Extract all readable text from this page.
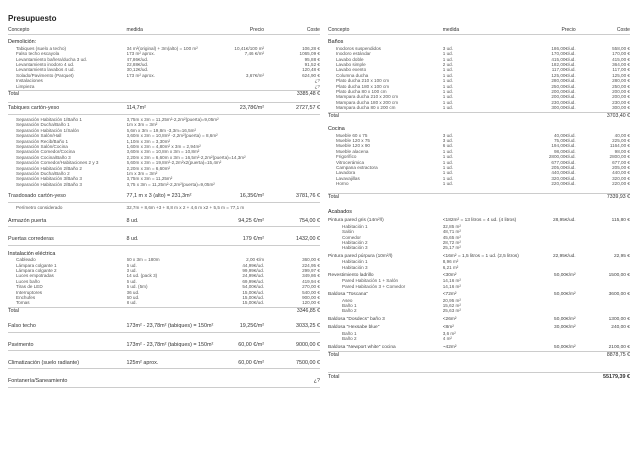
Presupuesto
Concepto	medida	Precio	Coste
Demolición:
Tabiques (suelo a techo)	34 m²(original) + 3m(alto) = 100 m²	10,41€/100 m²	106,28 €
Falso techo escayola	173 m² aprox.	7,46 €/m²	1065,09 €
Levantamiento bañera/ducha 3 ud.	47,86€/ud.	95,88 €
Levantamiento inodoro 4 ud.	22,88€/ud.	91,52 €
Levantamiento lavabos 4 ud.	30,12€/ud.	120,48 €
Solado/Pavimento (Parquet)	173 m² aprox.	3,67€/m²	624,90 €
Instalaciones	¿?
Limpieza	¿?
Total	3385,48 €
Tabiques cartón-yeso	114,7m²	23,78€/m²	2727,57 €
Separación Habitación 1/Baño 1	3,75m x 3m = 11,25m²-2,2m²(puerta)=9,05m²
Separación Ducha/Baño 1	1m x 3m = 3m²
Separación Habitación 1/Salón	6,6m x 3m = 19,8m -3,3m=16,5m²
Separación Salón/Hall	3,60m x 3m = 10,8m² -2,2m²(puerta) = 8,6m²
Separación Recib/Baño 1	1,10m x 3m = 3,30m²
Separación Salón/Cocina	1,60m x 3m = 4,80m² x 3m = 2,94m²
Separación Comedor/Cocina	3,60m x 3m = 10,8m x 3m = 10,8m²
Separación Cocina/Baño 3	2,20m x 3m = 6,60m x 3m = 16,5m²-2,2m²(puerta)=14,3m²
Separación Comedor/Habitaciones 2 y 3	6,60m x 3m = 19,8m²-2,2m²x2(puerta)=15,4m²
Separación Habitación 2/Baño 2	2,20m x 3m = 6,60m²
Separación Ducha/Baño 2	1m x 3m = 3m²
Separación Habitación 3/Baño 3	3,75m x 3m = 11,25m²
Separación Habitación 2/Baño 3	3,75 x 3m = 11,25m²-2,2m²(puerta)=9,05m²
Trasdosado cartón-yeso	77,1 m x 3 (alto) = 231,3m²	16,35€/m²	3781,76 €
Perímetro considerado	32,7m + 8,6m +3 + 8,8 m x 2 + 4,6 m x2 + 5,5 m = 77,1 m
Armazón puerta	8 ud.	94,25 €/m²	754,00 €
Puertas correderas	8 ud.	179 €/m²	1432,00 €
Instalación eléctrica
Cableado	60 x 3m = 180m	2,00 €/m	360,00 €
Lámpara colgante 1	5 ud.	44,99€/ud.	224,95 €
Lámpara colgante 2	3 ud.	99,99€/ud.	299,97 €
Luces empotradas	14 ud. (pack 3)	24,99€/ud.	349,86 €
Luces baño	6 ud.	69,99€/ud.	419,94 €
Tiras de LED	5 ud. (5m)	54,00€/ud.	270,00 €
Interruptores	36 ud.	15,00€/ud.	540,00 €
Enchufes	60 ud.	15,00€/ud.	900,00 €
Tomas	8 ud.	15,00€/ud.	120,00 €
Total	3346,85 €
Falso techo	173m² - 23,78m² (tabiques) = 150m²	19,25€/m²	3033,25 €
Pavimento	173m² - 23,78m² (tabiques) = 150m²	60,00 €/m²	9000,00 €
Climatización (suelo radiante)	125m² aprox.	60,00 €/m²	7500,00 €
Fontanería/Saneamiento	¿?
Concepto	medida	Precio	Coste
Baños
Inodoros suspendidos	3 ud.	186,00€/ud.	558,00 €
Inodoro estándar	1 ud.	170,00€/ud.	170,00 €
Lavabo doble	1 ud.	415,00€/ud.	415,00 €
Lavabo simple	2 ud.	182,00€/ud.	364,00 €
Lavabo exento	1 ud.	117,00€/ud.	117,00 €
Columna ducha	1 ud.	125,00€/ud.	125,00 €
Plato ducha 210 x 100 cm	1 ud.	280,00€/ud.	280,00 €
Plato ducha 180 x 100 cm	1 ud.	250,00€/ud.	250,00 €
Plato ducha 80 x 100 cm	1 ud.	200,00€/ud.	200,00 €
Mampara ducha 210 x 200 cm	1 ud.	200,00€/ud.	200,00 €
Mampara ducha 180 x 200 cm	1 ud.	230,00€/ud.	230,00 €
Mampara ducha 80 x 200 cm	1 ud.	300,00€/ud.	300,00 €
Total	3703,40 €
Cocina
Mueble 60 x 75	3 ud.	40,00€/ud.	40,00 €
Mueble 120 x 75	3 ud.	75,00€/ud.	225,00 €
Mueble 120 x 90	6 ud.	194,00€/ud.	1164,00 €
Mueble alacena	1 ud.	98,00€/ud.	98,00 €
Frigorífico	1 ud.	2800,00€/ud.	2800,00 €
Vitrocerámica	1 ud.	677,00€/ud.	677,00 €
Campana extractora	1 ud.	205,00€/ud.	205,00 €
Lavadora	1 ud.	440,00€/ud.	440,00 €
Lavavajillas	1 ud.	320,00€/ud.	320,00 €
Horno	1 ud.	220,00€/ud.	220,00 €
Total	7339,93 €
Acabados
Pintura pared gris (14m²/l)	<182m² = 13 litros = 4 ud. (4 litros)	28,95€/ud.	115,80 €
Habitación 1	32,85 m²
Salón	48,71 m²
Comedor	45,65 m²
Habitación 2	28,72 m²
Habitación 3	25,17 m²
Pintura pared púrpura (10m²/l)	<16m² = 1,5 litros = 1 ud. (2,5 litros)	22,95€/ud.	22,95 €
Habitación 1	8,96 m²
Habitación 3	6,21 m²
Revestimiento ladrillo	<30m²	50,00€/m²	1500,00 €
Pared Habitación 1 + Salón	14,16 m²
Pared Habitación 3 + Comedor	14,16 m²
Baldosa "Toscana"	<72m²	50,00€/m²	3600,00 €
Aseo	20,95 m²
Baño 1	15,62 m²
Baño 2	25,63 m²
Baldosa "Dosdecs" baño 3	<26m²	50,00€/m²	1300,00 €
Baldosa "Hexsabe blue"	<8m²	30,00€/m²	240,00 €
Baño 1	3,6 m²
Baño 2	4 m²
Baldosa "Newport white" cocina	~42m²	50,00€/m²	2100,00 €
Total	8878,75 €
Total	55179,39 €
